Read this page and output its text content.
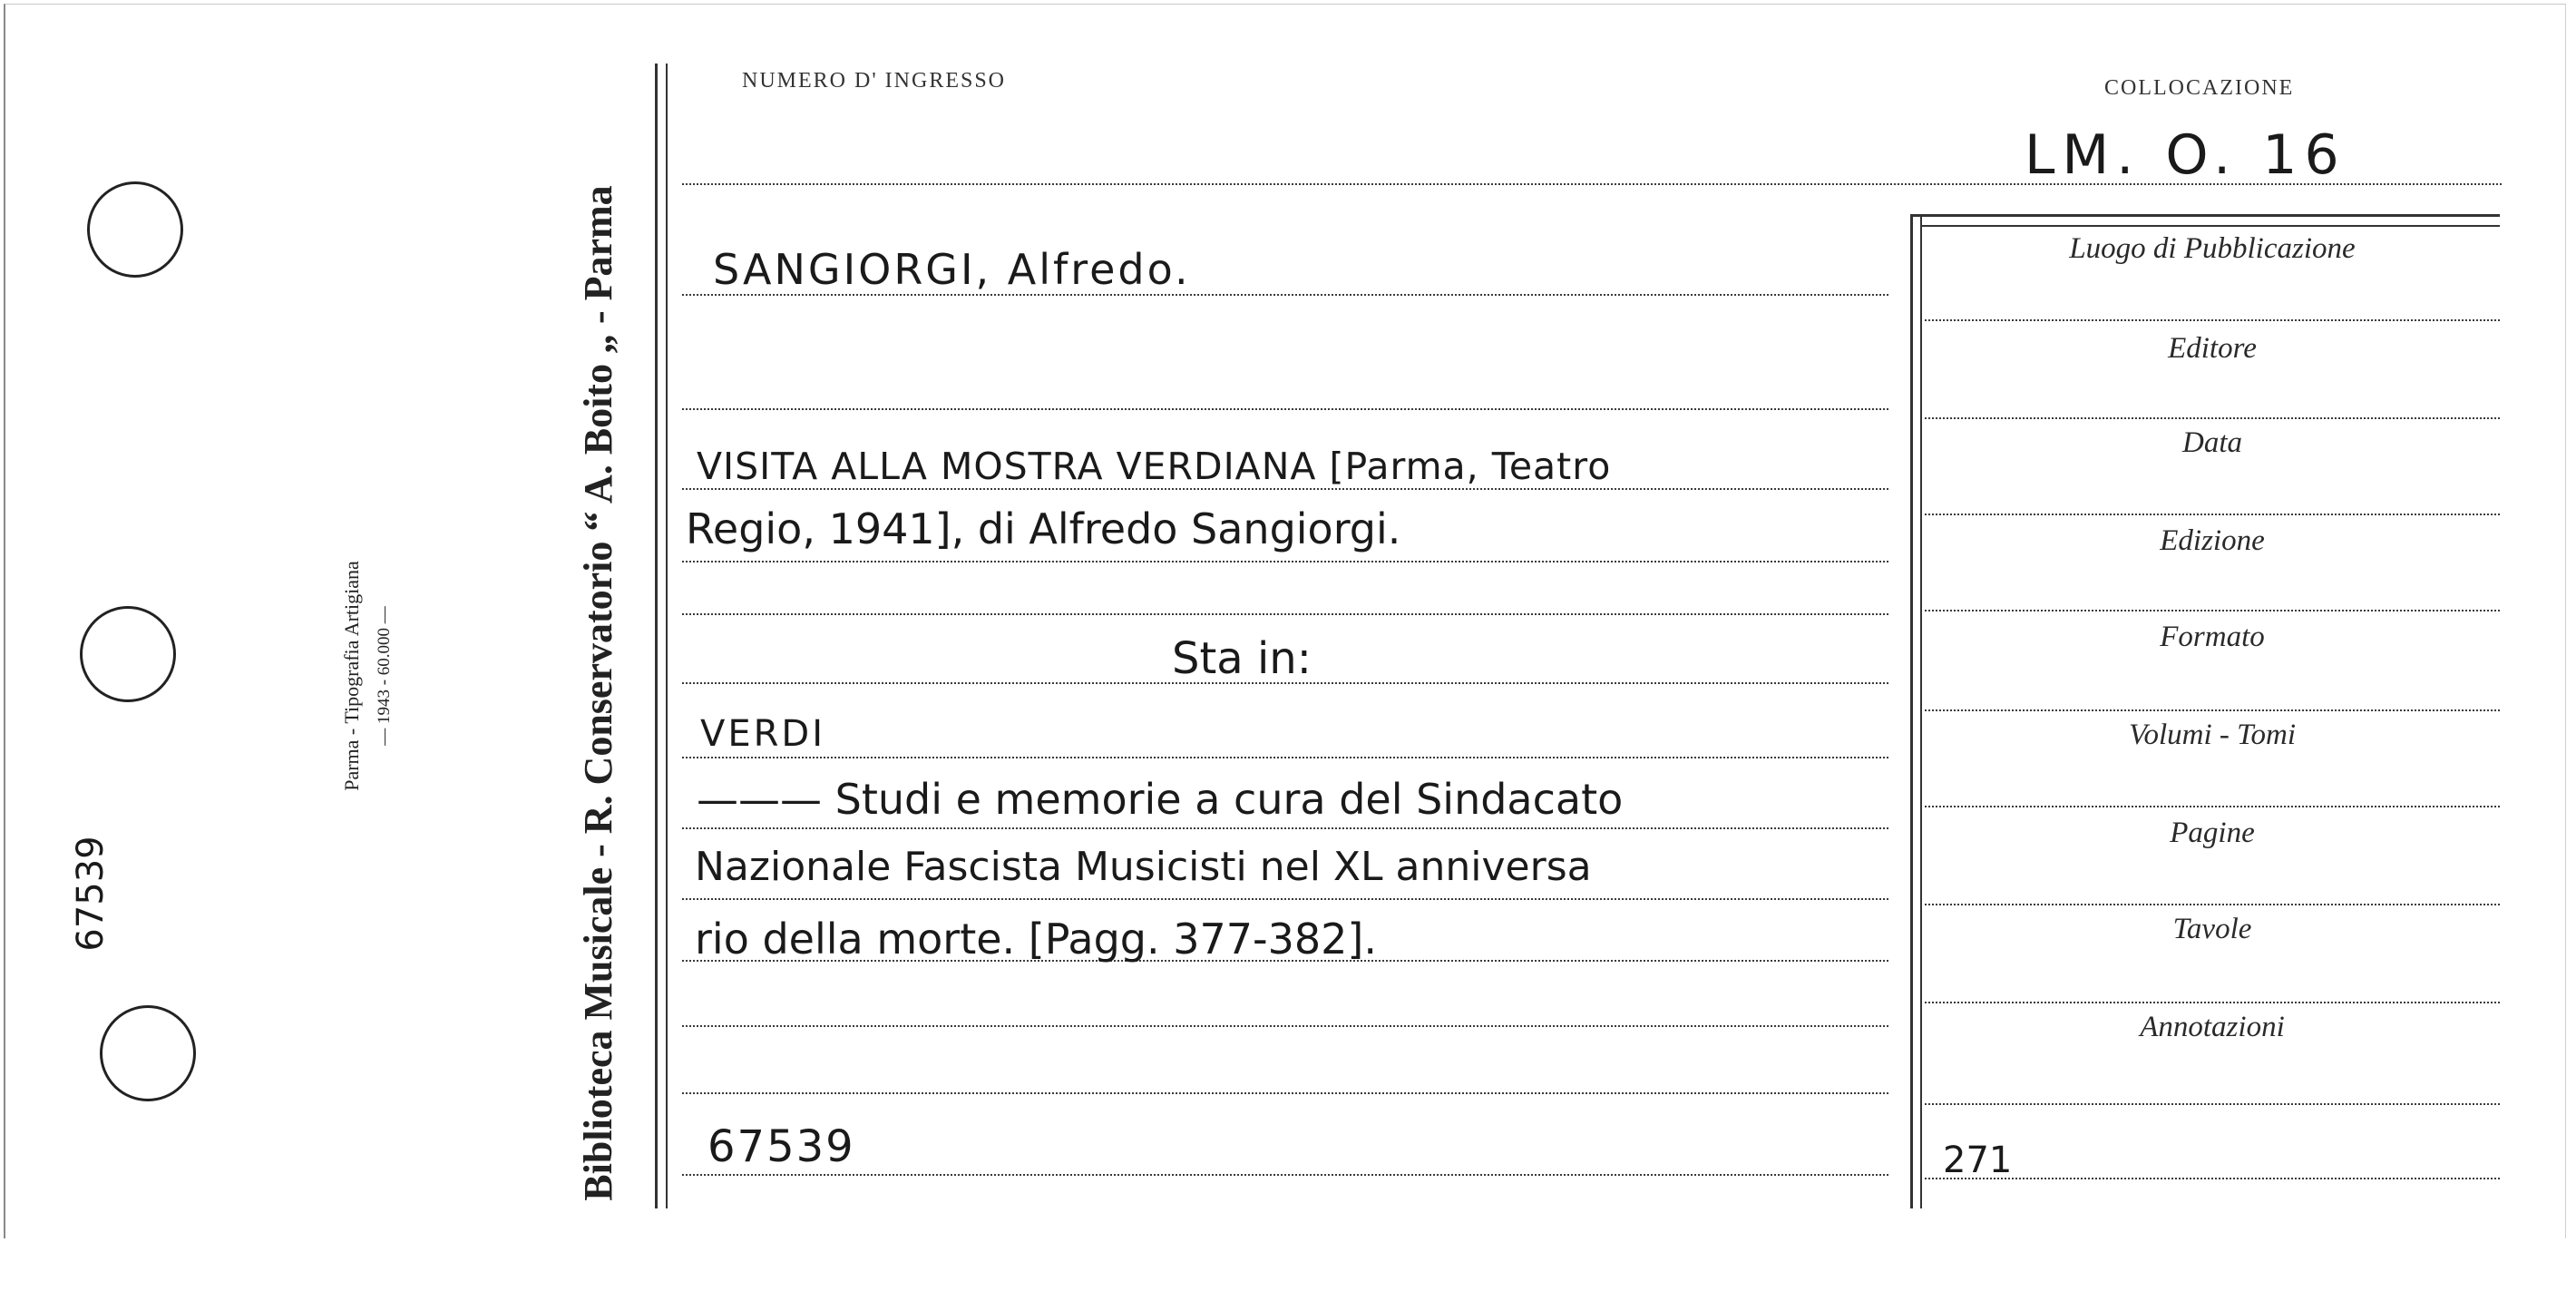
67539
Parma - Tipografia Artigiana — 1943 - 60.000 —	Biblioteca Musicale - R. Conservatorio “ A. Boito „ - Parma
NUMERO D' INGRESSO	COLLOCAZIONE
LM. O. 16
SANGIORGI, Alfredo.
VISITA ALLA MOSTRA VERDIANA [Parma, Teatro
Regio, 1941], di Alfredo Sangiorgi.
Sta in:
VERDI
——— Studi e memorie a cura del Sindacato
Nazionale Fascista Musicisti nel XL anniversa
rio della morte. [Pagg. 377-382].
67539
Luogo di Pubblicazione
Editore
Data
Edizione
Formato
Volumi - Tomi
Pagine
Tavole
Annotazioni
271
